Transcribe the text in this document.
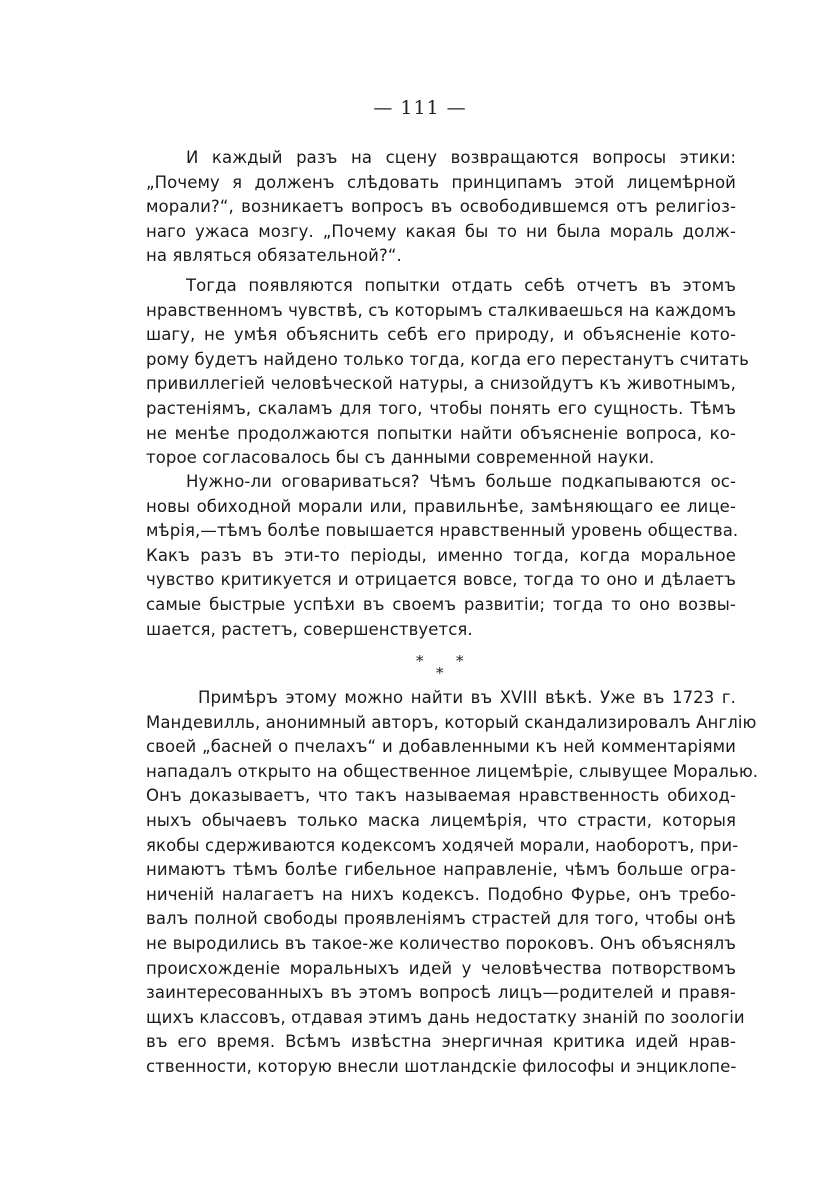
— 111 —
И каждый разъ на сцену возвращаются вопросы этики:
„Почему я долженъ слѣдовать принципамъ этой лицемѣрной
морали?“, возникаетъ вопросъ въ освободившемся отъ религіоз-
наго ужаса мозгу. „Почему какая бы то ни была мораль долж-
на являться обязательной?“.
Тогда появляются попытки отдать себѣ отчетъ въ этомъ
нравственномъ чувствѣ, съ которымъ сталкиваешься на каждомъ
шагу, не умѣя объяснить себѣ его природу, и объясненіе кото-
рому будетъ найдено только тогда, когда его перестанутъ считать
привиллегіей человѣческой натуры, а снизойдутъ къ животнымъ,
растеніямъ, скаламъ для того, чтобы понять его сущность. Тѣмъ
не менѣе продолжаются попытки найти объясненіе вопроса, ко-
торое согласовалось бы съ данными современной науки.
Нужно-ли оговариваться? Чѣмъ больше подкапываются ос-
новы обиходной морали или, правильнѣе, замѣняющаго ее лице-
мѣрія,—тѣмъ болѣе повышается нравственный уровень общества.
Какъ разъ въ эти-то періоды, именно тогда, когда моральное
чувство критикуется и отрицается вовсе, тогда то оно и дѣлаетъ
самые быстрые успѣхи въ своемъ развитіи; тогда то оно возвы-
шается, растетъ, совершенствуется.
* *
*
Примѣръ этому можно найти въ XVIII вѣкѣ. Уже въ 1723 г.
Мандевилль, анонимный авторъ, который скандализировалъ Англію
своей „басней о пчелахъ“ и добавленными къ ней комментаріями
нападалъ открыто на общественное лицемѣріе, слывущее Моралью.
Онъ доказываетъ, что такъ называемая нравственность обиход-
ныхъ обычаевъ только маска лицемѣрія, что страсти, которыя
якобы сдерживаются кодексомъ ходячей морали, наоборотъ, при-
нимаютъ тѣмъ болѣе гибельное направленіе, чѣмъ больше огра-
ниченій налагаетъ на нихъ кодексъ. Подобно Фурье, онъ требо-
валъ полной свободы проявленіямъ страстей для того, чтобы онѣ
не выродились въ такое-же количество пороковъ. Онъ объяснялъ
происхожденіе моральныхъ идей у человѣчества потворствомъ
заинтересованныхъ въ этомъ вопросѣ лицъ—родителей и правя-
щихъ классовъ, отдавая этимъ дань недостатку знаній по зоологіи
въ его время. Всѣмъ извѣстна энергичная критика идей нрав-
ственности, которую внесли шотландскіе философы и энциклопе-
